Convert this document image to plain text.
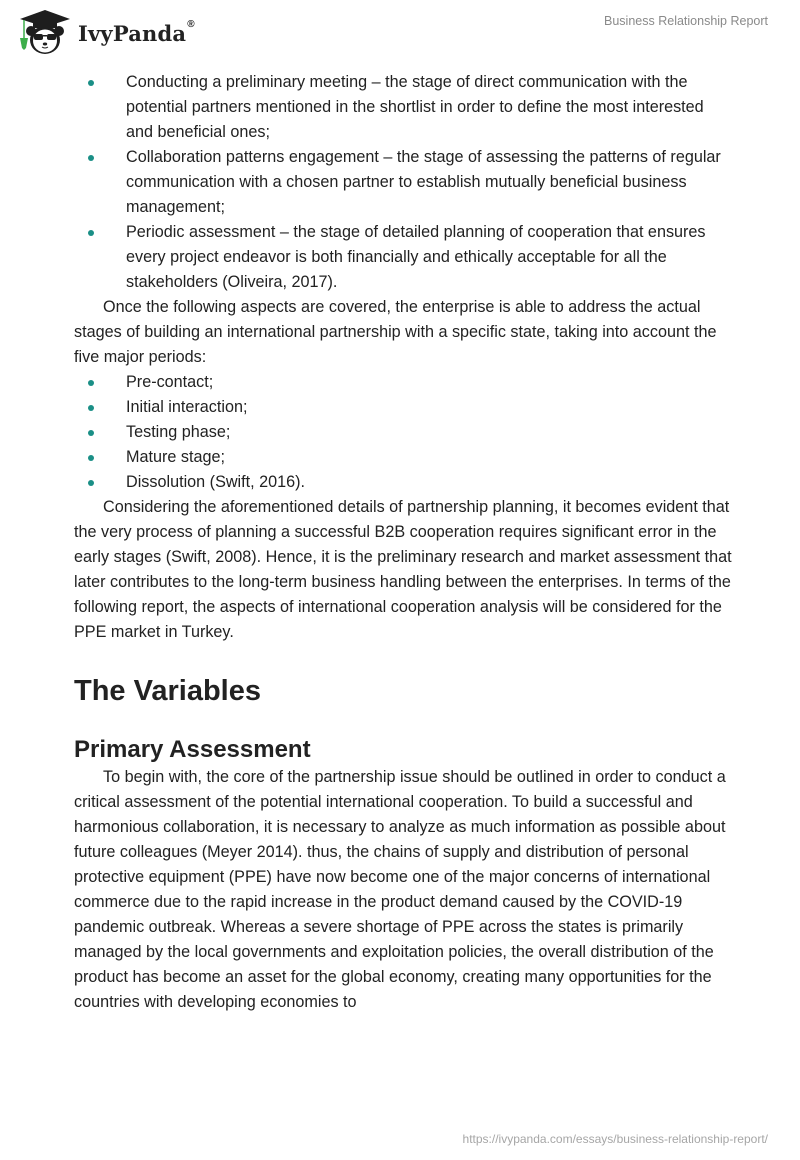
IvyPanda®	Business Relationship Report
Conducting a preliminary meeting – the stage of direct communication with the potential partners mentioned in the shortlist in order to define the most interested and beneficial ones;
Collaboration patterns engagement – the stage of assessing the patterns of regular communication with a chosen partner to establish mutually beneficial business management;
Periodic assessment – the stage of detailed planning of cooperation that ensures every project endeavor is both financially and ethically acceptable for all the stakeholders (Oliveira, 2017).

Once the following aspects are covered, the enterprise is able to address the actual stages of building an international partnership with a specific state, taking into account the five major periods:

Pre-contact;
Initial interaction;
Testing phase;
Mature stage;
Dissolution (Swift, 2016).

Considering the aforementioned details of partnership planning, it becomes evident that the very process of planning a successful B2B cooperation requires significant error in the early stages (Swift, 2008). Hence, it is the preliminary research and market assessment that later contributes to the long-term business handling between the enterprises. In terms of the following report, the aspects of international cooperation analysis will be considered for the PPE market in Turkey.

The Variables
Primary Assessment

To begin with, the core of the partnership issue should be outlined in order to conduct a critical assessment of the potential international cooperation. To build a successful and harmonious collaboration, it is necessary to analyze as much information as possible about future colleagues (Meyer 2014). thus, the chains of supply and distribution of personal protective equipment (PPE) have now become one of the major concerns of international commerce due to the rapid increase in the product demand caused by the COVID-19 pandemic outbreak. Whereas a severe shortage of PPE across the states is primarily managed by the local governments and exploitation policies, the overall distribution of the product has become an asset for the global economy, creating many opportunities for the countries with developing economies to

https://ivypanda.com/essays/business-relationship-report/
